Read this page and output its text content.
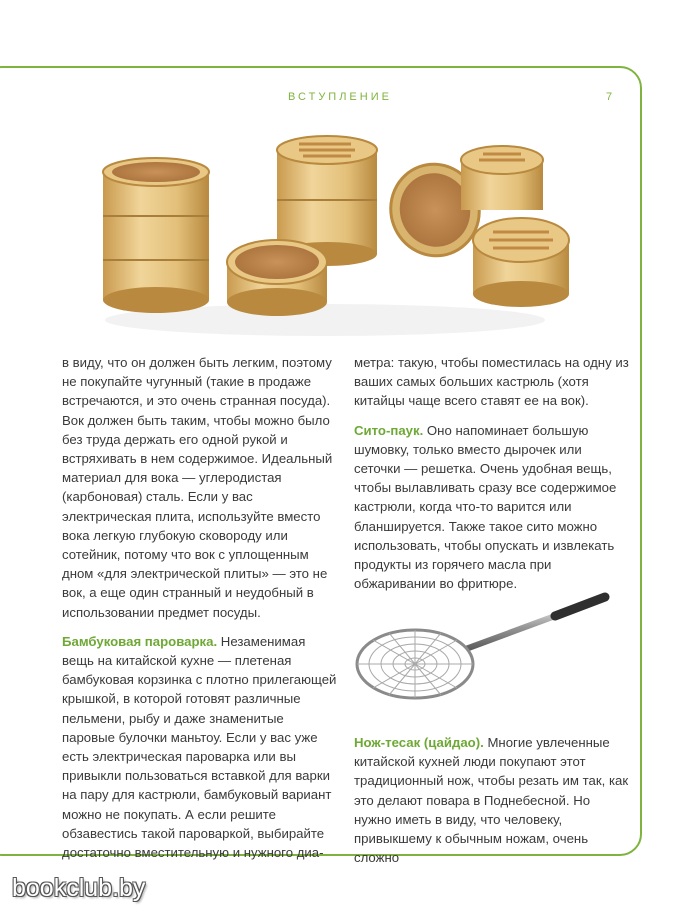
ВСТУПЛЕНИЕ	7

в виду, что он должен быть легким, поэтому не покупайте чугунный (такие в продаже встречаются, и это очень странная посуда). Вок должен быть таким, чтобы можно было без труда держать его одной рукой и встряхивать в нем содержимое. Идеальный материал для вока — углеродистая (карбоновая) сталь. Если у вас электрическая плита, используйте вместо вока легкую глубокую сковороду или сотейник, потому что вок с уплощенным дном «для электрической плиты» — это не вок, а еще один странный и неудобный в использовании предмет посуды.

Бамбуковая пароварка. Незаменимая вещь на китайской кухне — плетеная бамбуковая корзинка с плотно прилегающей крышкой, в которой готовят различные пельмени, рыбу и даже знаменитые паровые булочки маньтоу. Если у вас уже есть электрическая пароварка или вы привыкли пользоваться вставкой для варки на пару для кастрюли, бамбуковый вариант можно не покупать. А если решите обзавестись такой пароваркой, выбирайте достаточно вместительную и нужного диа-

метра: такую, чтобы поместилась на одну из ваших самых больших кастрюль (хотя китайцы чаще всего ставят ее на вок).

Сито-паук. Оно напоминает большую шумовку, только вместо дырочек или сеточки — решетка. Очень удобная вещь, чтобы вылавливать сразу все содержимое кастрюли, когда что-то варится или бланшируется. Также такое сито можно использовать, чтобы опускать и извлекать продукты из горячего масла при обжаривании во фритюре.

Нож-тесак (цайдао). Многие увлеченные китайской кухней люди покупают этот традиционный нож, чтобы резать им так, как это делают повара в Поднебесной. Но нужно иметь в виду, что человеку, привыкшему к обычным ножам, очень сложно

bookclub.by
